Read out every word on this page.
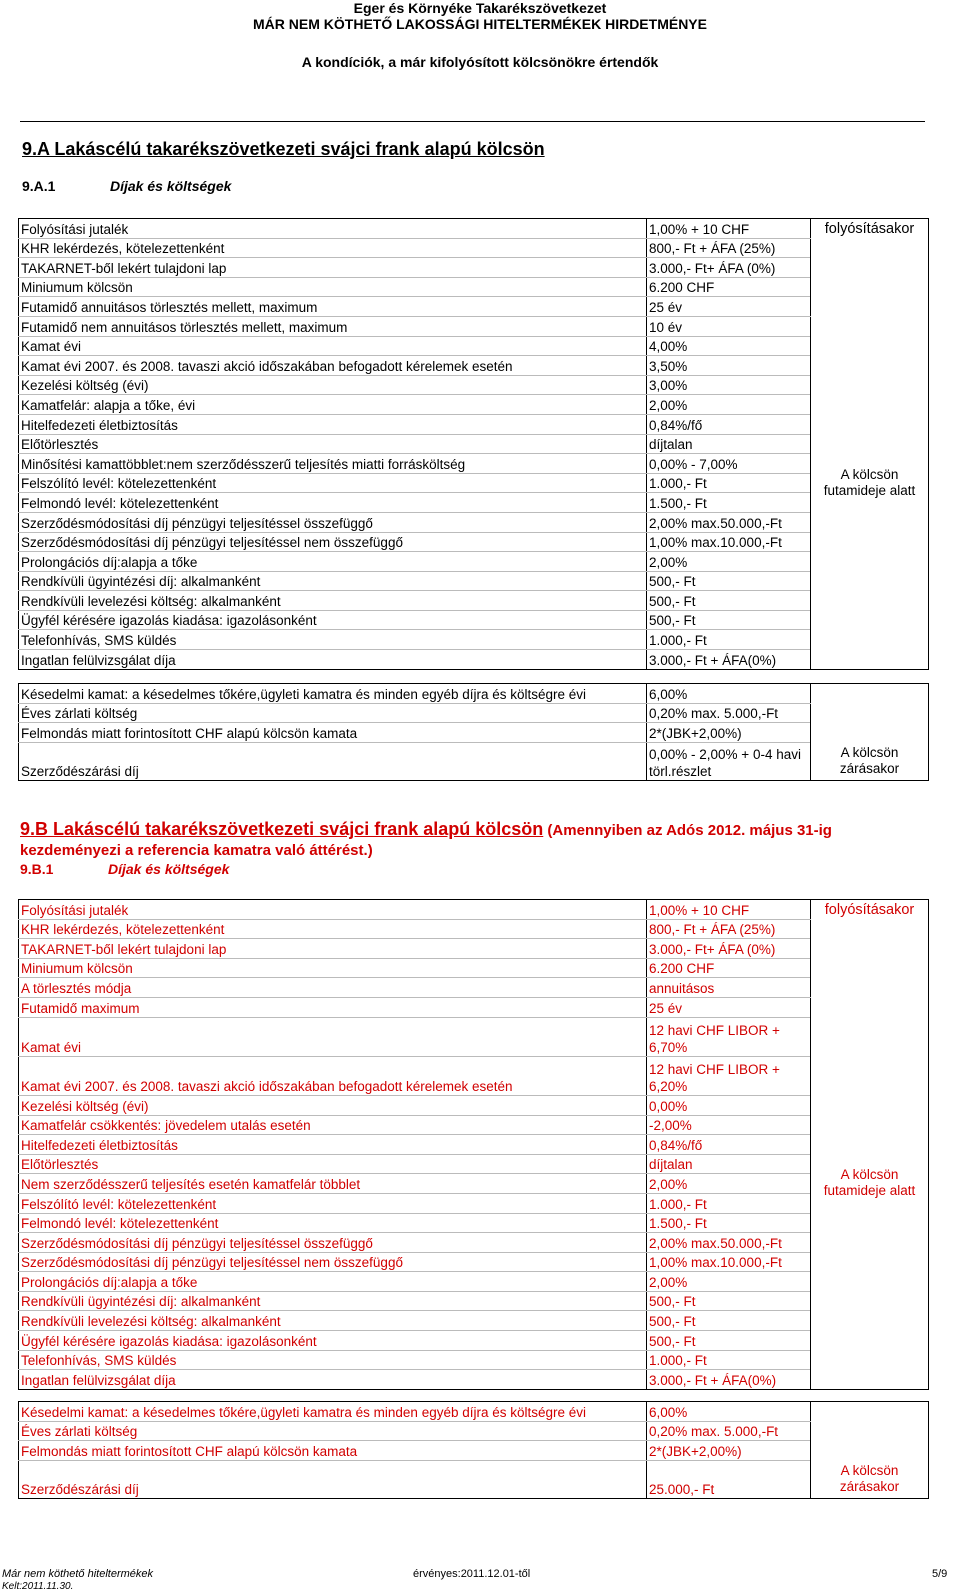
Eger és Környéke Takarékszövetkezet
MÁR NEM KÖTHETŐ LAKOSSÁGI HITELTERMÉKEK HIRDETMÉNYE
A kondíciók, a már kifolyósított kölcsönökre értendők
9.A Lakáscélú takarékszövetkezeti svájci frank alapú kölcsön
9.A.1	Díjak és költségek
Folyósítási jutalék	1,00% + 10 CHF	folyósításakor
KHR lekérdezés, kötelezettenként	800,- Ft + ÁFA (25%)	
TAKARNET-ből lekért tulajdoni lap	3.000,- Ft+ ÁFA (0%)	
Miniumum kölcsön	6.200 CHF	
Futamidő annuitásos törlesztés mellett, maximum	25 év	A kölcsön futamideje alatt
Futamidő nem annuitásos törlesztés mellett, maximum	10 év	
Kamat évi	4,00%	
Kamat évi 2007. és 2008. tavaszi akció időszakában befogadott kérelemek esetén	3,50%	
Kezelési költség (évi)	3,00%	
Kamatfelár: alapja a tőke, évi	2,00%	
Hitelfedezeti életbiztosítás	0,84%/fő	
Előtörlesztés	díjtalan	
Minősítési kamattöbblet:nem szerződésszerű teljesítés miatti forrásköltség	0,00% - 7,00%	
Felszólító levél: kötelezettenként	1.000,- Ft	
Felmondó levél: kötelezettenként	1.500,- Ft	
Szerződésmódosítási díj pénzügyi teljesítéssel összefüggő	2,00% max.50.000,-Ft	
Szerződésmódosítási díj pénzügyi teljesítéssel nem összefüggő	1,00% max.10.000,-Ft	
Prolongációs díj:alapja a tőke	2,00%	
Rendkívüli ügyintézési díj: alkalmanként	500,- Ft	
Rendkívüli levelezési költség: alkalmanként	500,- Ft	
Ügyfél kérésére igazolás kiadása: igazolásonként	500,- Ft	
Telefonhívás, SMS küldés	1.000,- Ft	
Ingatlan felülvizsgálat díja	3.000,- Ft + ÁFA(0%)	
Késedelmi kamat: a késedelmes tőkére,ügyleti kamatra és minden egyéb díjra és költségre évi	6,00%	
Éves zárlati költség	0,20% max. 5.000,-Ft	
Felmondás miatt forintosított CHF alapú kölcsön kamata	2*(JBK+2,00%)	
Szerződészárási díj	0,00% - 2,00% + 0-4 havi törl.részlet	A kölcsön zárásakor
9.B Lakáscélú takarékszövetkezeti svájci frank alapú kölcsön (Amennyiben az Adós 2012. május 31-ig kezdeményezi a referencia kamatra való áttérést.)
9.B.1	Díjak és költségek
Folyósítási jutalék	1,00% + 10 CHF	folyósításakor
KHR lekérdezés, kötelezettenként	800,- Ft + ÁFA (25%)	
TAKARNET-ből lekért tulajdoni lap	3.000,- Ft+ ÁFA (0%)	
Miniumum kölcsön	6.200 CHF	
A törlesztés módja	annuitásos	A kölcsön futamideje alatt
Futamidő maximum	25 év	
Kamat évi	12 havi CHF LIBOR + 6,70%	
Kamat évi 2007. és 2008. tavaszi akció időszakában befogadott kérelemek esetén	12 havi CHF LIBOR + 6,20%	
Kezelési költség (évi)	0,00%	
Kamatfelár csökkentés: jövedelem utalás esetén	-2,00%	
Hitelfedezeti életbiztosítás	0,84%/fő	
Előtörlesztés	díjtalan	
Nem szerződésszerű teljesítés esetén kamatfelár többlet	2,00%	
Felszólító levél: kötelezettenként	1.000,- Ft	
Felmondó levél: kötelezettenként	1.500,- Ft	
Szerződésmódosítási díj pénzügyi teljesítéssel összefüggő	2,00% max.50.000,-Ft	
Szerződésmódosítási díj pénzügyi teljesítéssel nem összefüggő	1,00% max.10.000,-Ft	
Prolongációs díj:alapja a tőke	2,00%	
Rendkívüli ügyintézési díj: alkalmanként	500,- Ft	
Rendkívüli levelezési költség: alkalmanként	500,- Ft	
Ügyfél kérésére igazolás kiadása: igazolásonként	500,- Ft	
Telefonhívás, SMS küldés	1.000,- Ft	
Ingatlan felülvizsgálat díja	3.000,- Ft + ÁFA(0%)	
Késedelmi kamat: a késedelmes tőkére,ügyleti kamatra és minden egyéb díjra és költségre évi	6,00%	
Éves zárlati költség	0,20% max. 5.000,-Ft	
Felmondás miatt forintosított CHF alapú kölcsön kamata	2*(JBK+2,00%)	
Szerződészárási díj	25.000,- Ft	A kölcsön zárásakor
Már nem köthető hiteltermékek
Kelt:2011.11.30.
érvényes:2011.12.01-től	5/9
